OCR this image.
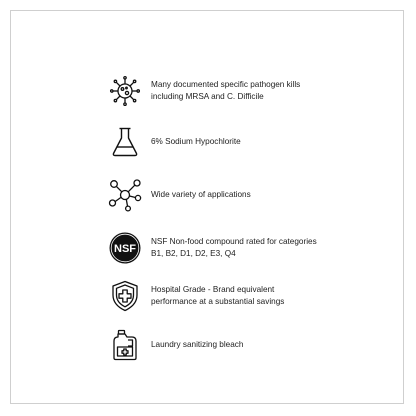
Many documented specific pathogen kills
including MRSA and C. Difficile
6% Sodium Hypochlorite
Wide variety of applications
NSF
NSF Non-food compound rated for categories
B1, B2, D1, D2, E3, Q4
Hospital Grade - Brand equivalent
performance at a substantial savings
Laundry sanitizing bleach
